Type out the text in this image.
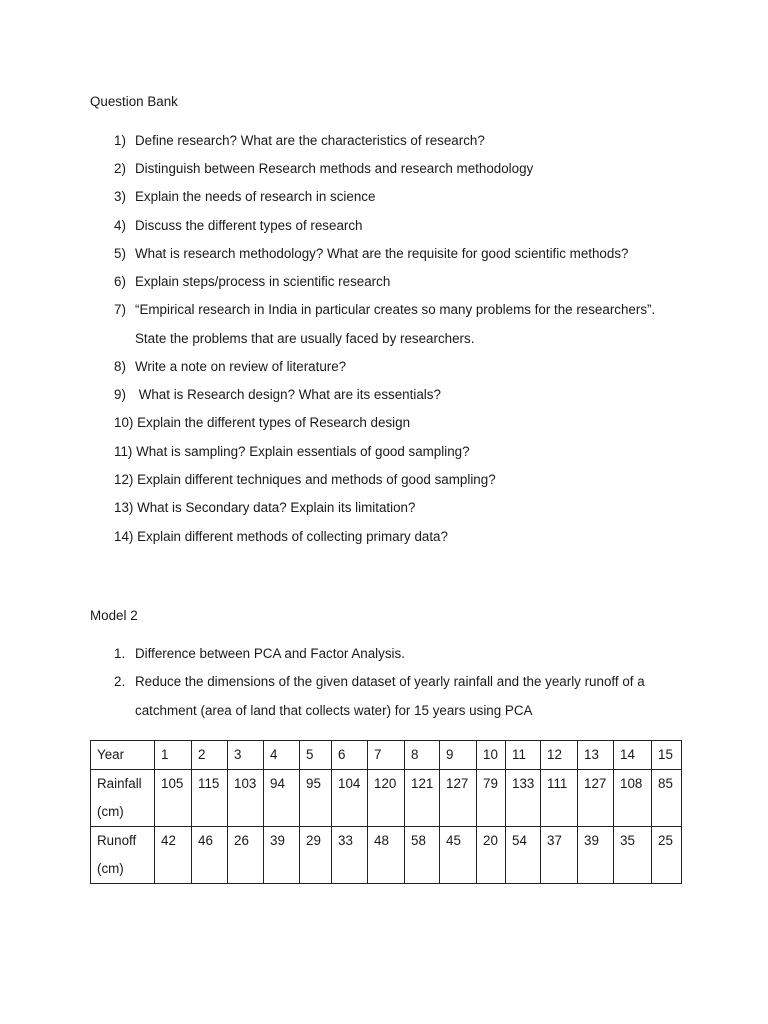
Question Bank
1) Define research? What are the characteristics of research?
2) Distinguish between Research methods and research methodology
3) Explain the needs of research in science
4) Discuss the different types of research
5) What is research methodology? What are the requisite for good scientific methods?
6) Explain steps/process in scientific research
7) “Empirical research in India in particular creates so many problems for the researchers”.
State the problems that are usually faced by researchers.
8) Write a note on review of literature?
9) What is Research design? What are its essentials?
10) Explain the different types of Research design
11) What is sampling? Explain essentials of good sampling?
12) Explain different techniques and methods of good sampling?
13) What is Secondary data? Explain its limitation?
14) Explain different methods of collecting primary data?
Model 2
1. Difference between PCA and Factor Analysis.
2. Reduce the dimensions of the given dataset of yearly rainfall and the yearly runoff of a
catchment (area of land that collects water) for 15 years using PCA
Year	1	2	3	4	5	6	7	8	9	10	11	12	13	14	15
Rainfall (cm)	105	115	103	94	95	104	120	121	127	79	133	111	127	108	85
Runoff (cm)	42	46	26	39	29	33	48	58	45	20	54	37	39	35	25
